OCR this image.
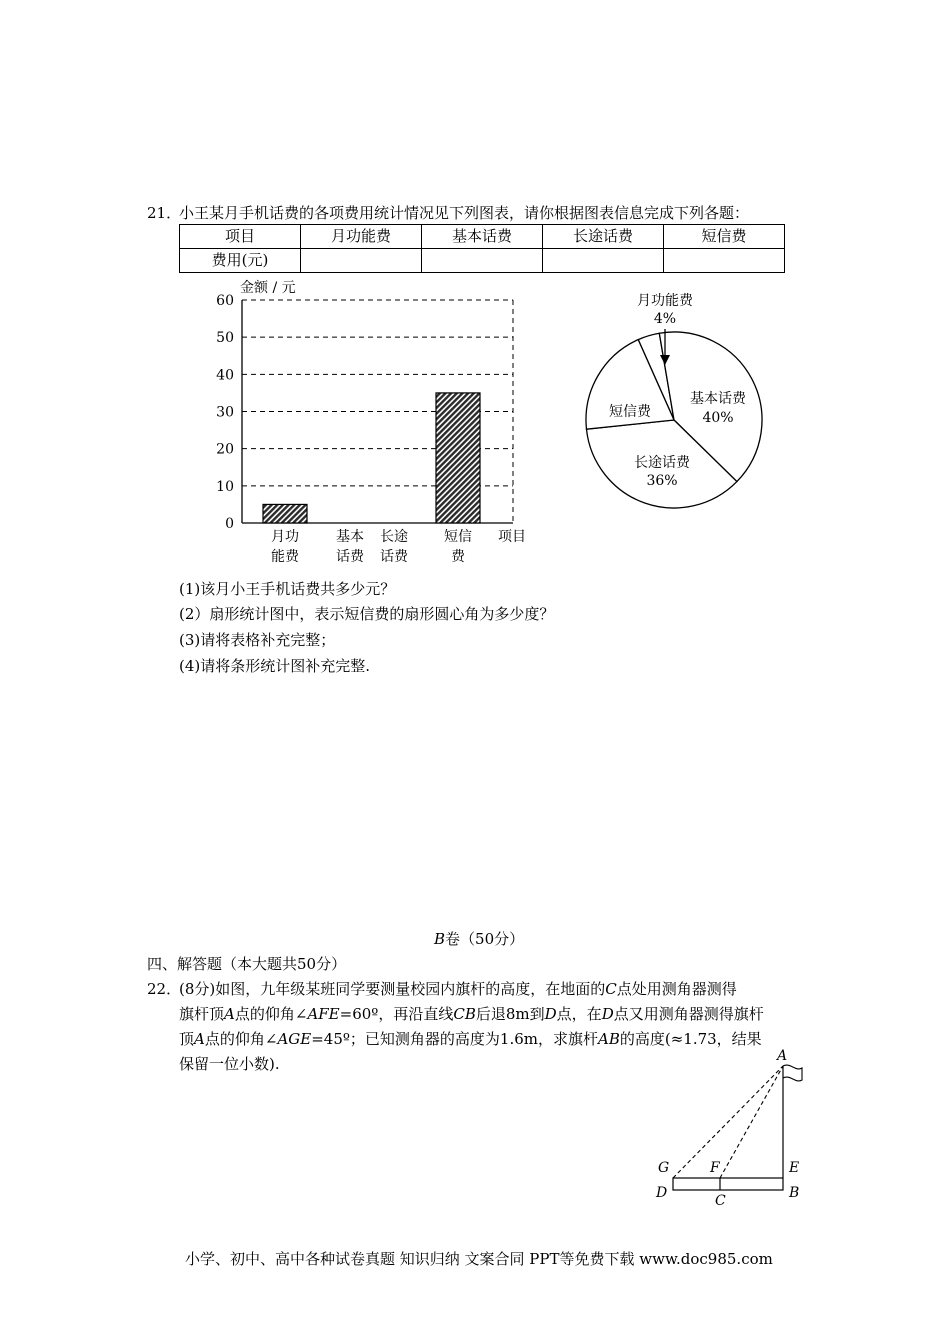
21．
小王某月手机话费的各项费用统计情况见下列图表，请你根据图表信息完成下列各题：
项目	月功能费	基本话费	长途话费	短信费
费用(元)				
0
10
20
30
40
50
60
金额 / 元
项目
月功
能费
基本
话费
长途
话费
短信
费
月功能费
4%
基本话费
40%
长途话费
36%
短信费
(1)该月小王手机话费共多少元？
(2）扇形统计图中，表示短信费的扇形圆心角为多少度？
(3)请将表格补充完整；
(4)请将条形统计图补充完整.
B卷（50分）
四、解答题（本大题共50分）
22．
(8分)如图，九年级某班同学要测量校园内旗杆的高度，在地面的C点处用测角器测得
旗杆顶A点的仰角∠AFE=60º，再沿直线CB后退8m到D点，在D点又用测角器测得旗杆
顶A点的仰角∠AGE=45º；已知测角器的高度为1.6m，求旗杆AB的高度(≈1.73，结果
保留一位小数).	A
G	F	E
D	C	B
小学、初中、高中各种试卷真题 知识归纳 文案合同 PPT等免费下载 www.doc985.com
